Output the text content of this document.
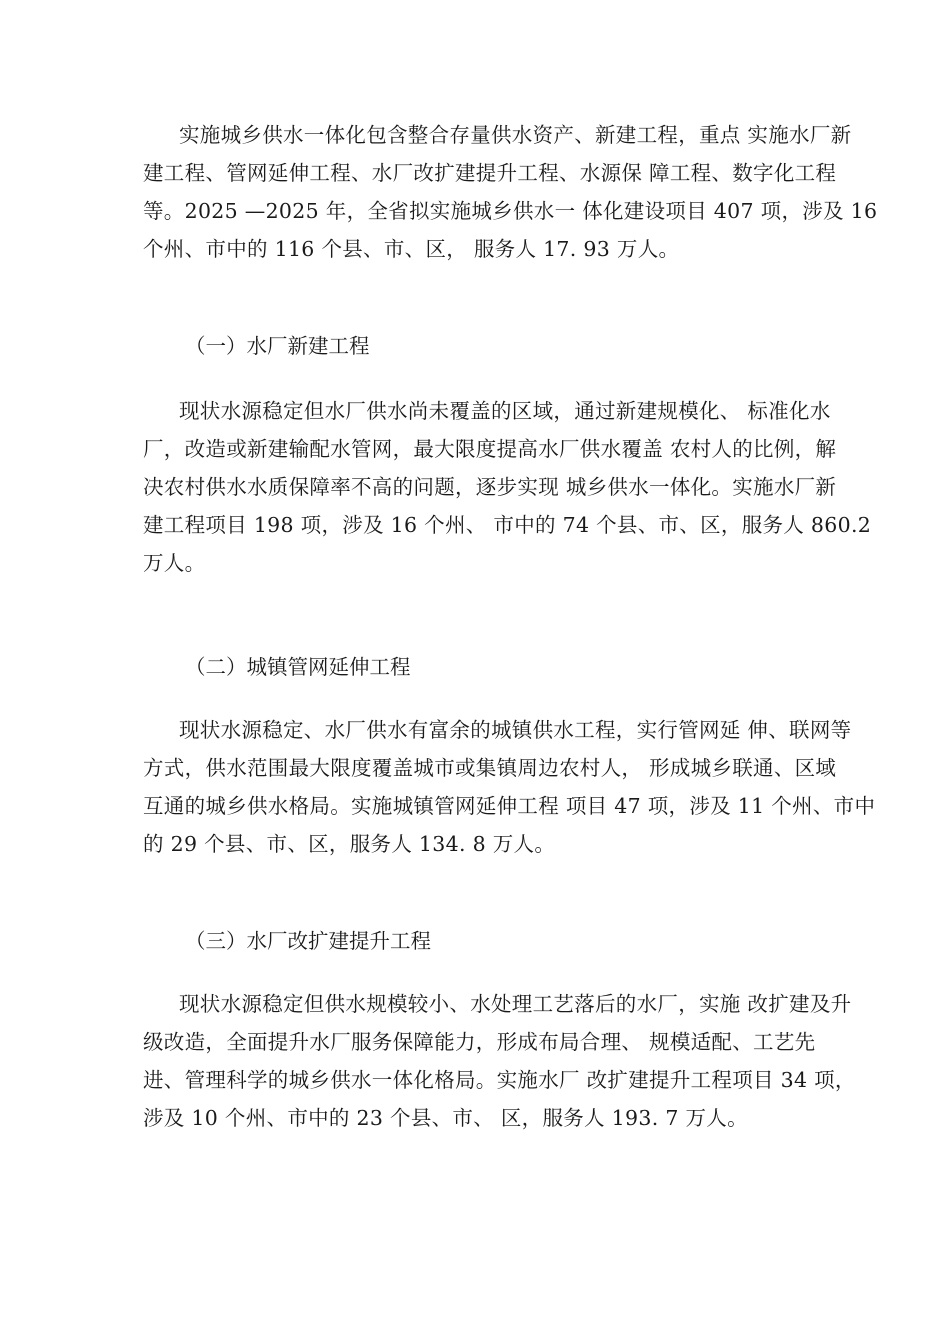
实施城乡供水一体化包含整合存量供水资产、新建工程，重点 实施水厂新
建工程、管网延伸工程、水厂改扩建提升工程、水源保 障工程、数字化工程
等。2025 —2025 年，全省拟实施城乡供水一 体化建设项目 407 项，涉及 16
个州、市中的 116 个县、市、区， 服务人 17. 93 万人。
（一）水厂新建工程
现状水源稳定但水厂供水尚未覆盖的区域，通过新建规模化、 标准化水
厂，改造或新建输配水管网，最大限度提高水厂供水覆盖 农村人的比例，解
决农村供水水质保障率不高的问题，逐步实现 城乡供水一体化。实施水厂新
建工程项目 198 项，涉及 16 个州、 市中的 74 个县、市、区，服务人 860.2
万人。
（二）城镇管网延伸工程
现状水源稳定、水厂供水有富余的城镇供水工程，实行管网延 伸、联网等
方式，供水范围最大限度覆盖城市或集镇周边农村人， 形成城乡联通、区域
互通的城乡供水格局。实施城镇管网延伸工程 项目 47 项，涉及 11 个州、市中
的 29 个县、市、区，服务人 134. 8 万人。
（三）水厂改扩建提升工程
现状水源稳定但供水规模较小、水处理工艺落后的水厂，实施 改扩建及升
级改造，全面提升水厂服务保障能力，形成布局合理、 规模适配、工艺先
进、管理科学的城乡供水一体化格局。实施水厂 改扩建提升工程项目 34 项，
涉及 10 个州、市中的 23 个县、市、 区，服务人 193. 7 万人。
